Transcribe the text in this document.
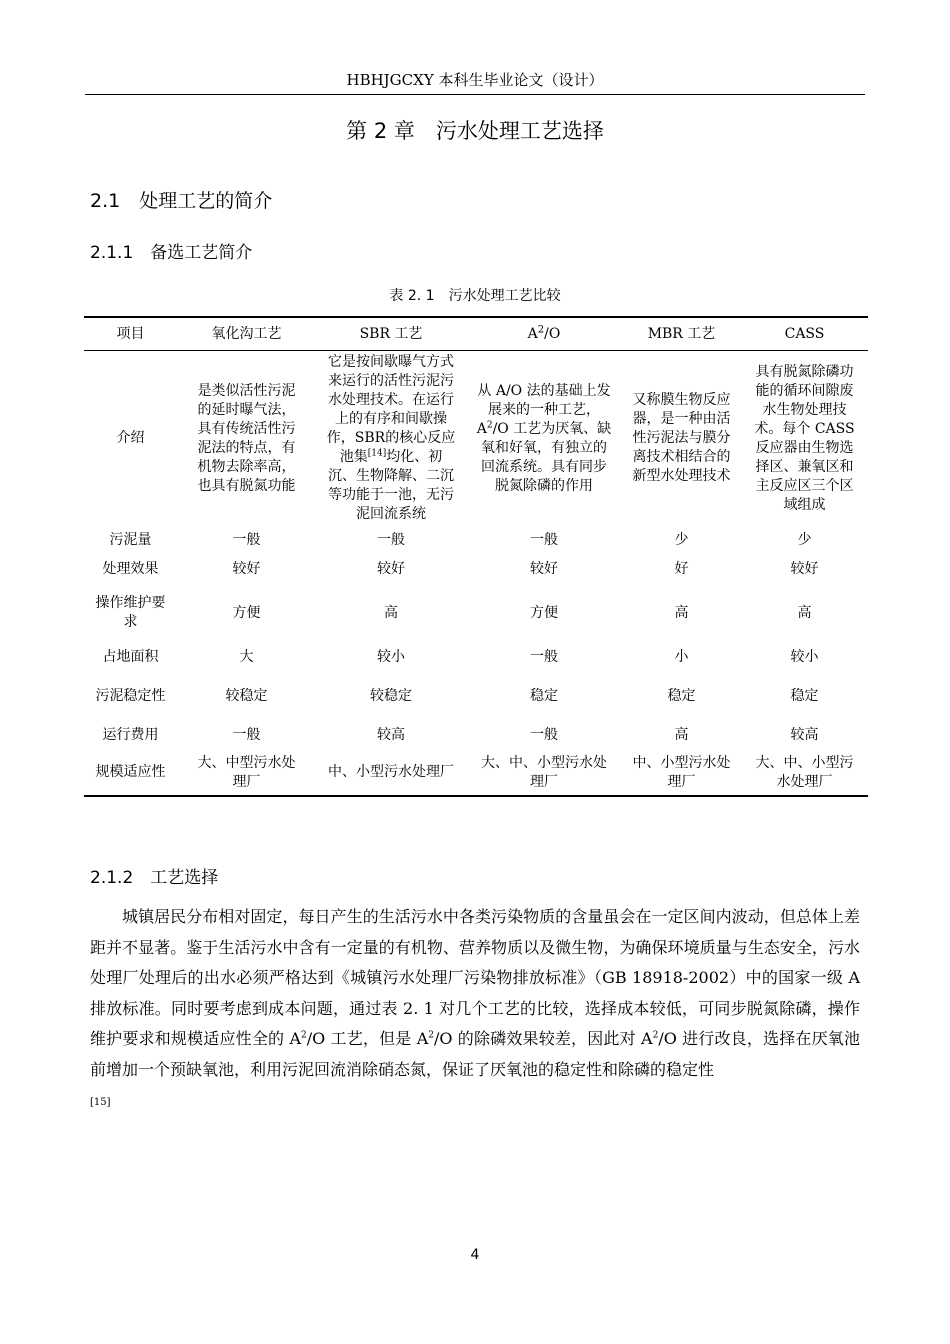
HBHJGCXY 本科生毕业论文（设计）
第 2 章　污水处理工艺选择
2.1　处理工艺的简介
2.1.1　备选工艺简介
表 2. 1　污水处理工艺比较
项目	氧化沟工艺	SBR 工艺	A$^2$/O	MBR 工艺	CASS
介绍	是类似活性污泥的延时曝气法，具有传统活性污泥法的特点，有机物去除率高，也具有脱氮功能	它是按间歇曝气方式来运行的活性污泥污水处理技术。在运行上的有序和间歇操作，SBR的核心反应池集[14]均化、初沉、生物降解、二沉等功能于一池，无污泥回流系统	从 A/O 法的基础上发展来的一种工艺，A$^2$/O 工艺为厌氧、缺氧和好氧，有独立的回流系统。具有同步脱氮除磷的作用	又称膜生物反应器，是一种由活性污泥法与膜分离技术相结合的新型水处理技术	具有脱氮除磷功能的循环间隙废水生物处理技术。每个 CASS 反应器由生物选择区、兼氧区和主反应区三个区域组成
污泥量	一般	一般	一般	少	少
处理效果	较好	较好	较好	好	较好
操作维护要求	方便	高	方便	高	高
占地面积	大	较小	一般	小	较小
污泥稳定性	较稳定	较稳定	稳定	稳定	稳定
运行费用	一般	较高	一般	高	较高
规模适应性	大、中型污水处理厂	中、小型污水处理厂	大、中、小型污水处理厂	中、小型污水处理厂	大、中、小型污水处理厂
2.1.2　工艺选择
城镇居民分布相对固定，每日产生的生活污水中各类污染物质的含量虽会在一定区间内波动，但总体上差距并不显著。鉴于生活污水中含有一定量的有机物、营养物质以及微生物，为确保环境质量与生态安全，污水处理厂处理后的出水必须严格达到《城镇污水处理厂污染物排放标准》（GB 18918-2002）中的国家一级 A 排放标准。同时要考虑到成本问题，通过表 2. 1 对几个工艺的比较，选择成本较低，可同步脱氮除磷，操作维护要求和规模适应性全的 A$^2$/O 工艺，但是 A$^2$/O 的除磷效果较差，因此对 A$^2$/O 进行改良，选择在厌氧池前增加一个预缺氧池，利用污泥回流消除硝态氮，保证了厌氧池的稳定性和除磷的稳定性
[15]
4
